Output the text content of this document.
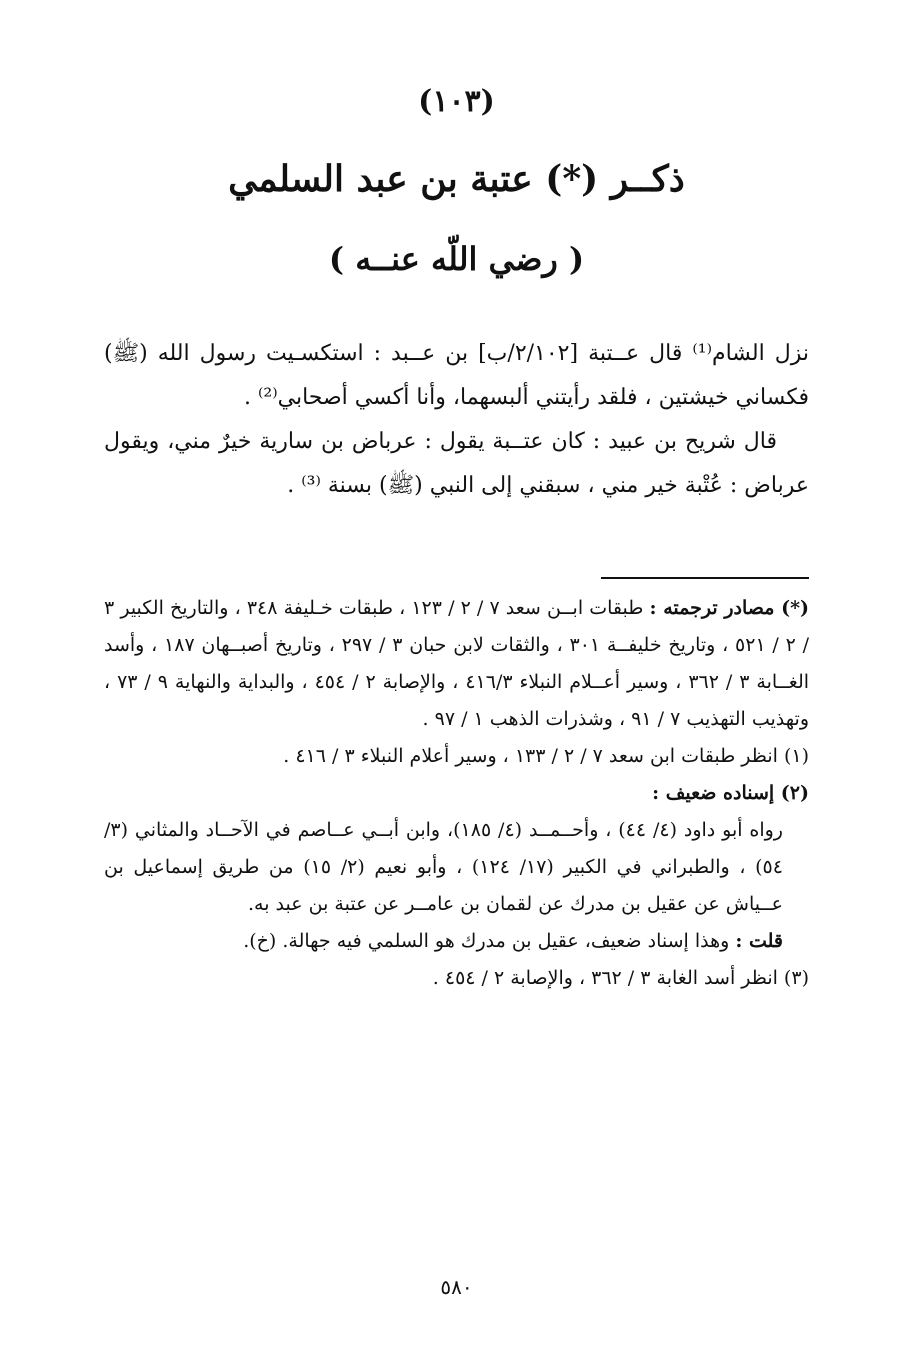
(١٠٣)
ذكــر (*) عتبة بن عبد السلمي
( رضي اللّه عنــه )

نزل الشام⁽¹⁾ قال عــتبة [٢/١٠٢/ب] بن عــبد : استكسـيت رسول الله (ﷺ) فكساني خيشتين ، فلقد رأيتني ألبسهما، وأنا أكسي أصحابي⁽²⁾ .

قال شريح بن عبيد : كان عتــبة يقول : عرباض بن سارية خيرٌ مني، ويقول عرباض : عُتْبة خير مني ، سبقني إلى النبي (ﷺ) بسنة ⁽³⁾ .

(*) مصادر ترجمته : طبقات ابــن سعد ٧ / ٢ / ١٢٣ ، طبقات خـليفة ٣٤٨ ، والتاريخ الكبير ٣ / ٢ / ٥٢١ ، وتاريخ خليفــة ٣٠١ ، والثقات لابن حبان ٣ / ٢٩٧ ، وتاريخ أصبــهان ١٨٧ ، وأسد الغــابة ٣ / ٣٦٢ ، وسير أعــلام النبلاء ٤١٦/٣ ، والإصابة ٢ / ٤٥٤ ، والبداية والنهاية ٩ / ٧٣ ، وتهذيب التهذيب ٧ / ٩١ ، وشذرات الذهب ١ / ٩٧ .

(١) انظر طبقات ابن سعد ٧ / ٢ / ١٣٣ ، وسير أعلام النبلاء ٣ / ٤١٦ .

(٢) إسناده ضعيف :

رواه أبو داود (٤/ ٤٤) ، وأحــمــد (٤/ ١٨٥)، وابن أبــي عــاصم في الآحــاد والمثاني (٣/ ٥٤) ، والطبراني في الكبير (١٧/ ١٢٤) ، وأبو نعيم (٢/ ١٥) من طريق إسماعيل بن عــياش عن عقيل بن مدرك عن لقمان بن عامــر عن عتبة بن عبد به.

قلت : وهذا إسناد ضعيف، عقيل بن مدرك هو السلمي فيه جهالة. (خ).

(٣) انظر أسد الغابة ٣ / ٣٦٢ ، والإصابة ٢ / ٤٥٤ .

٥٨٠
